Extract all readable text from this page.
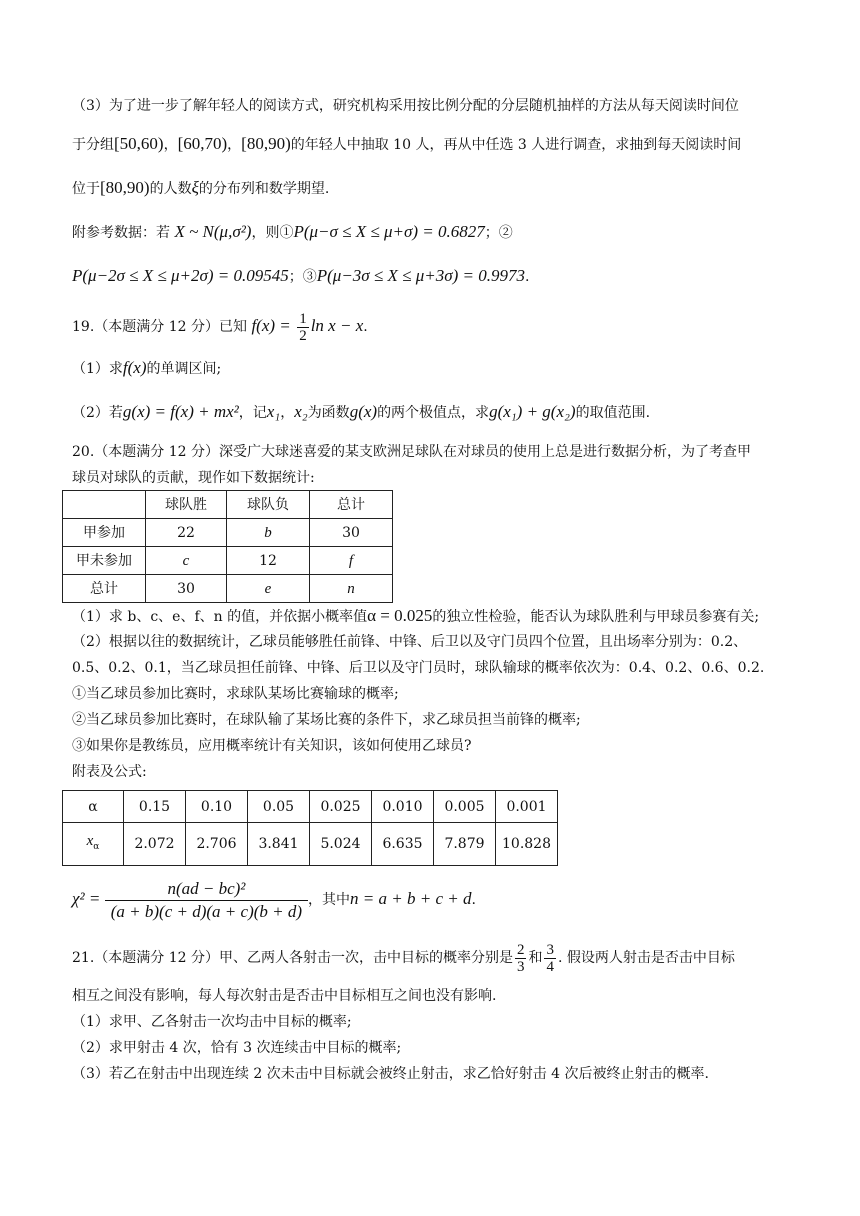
（3）为了进一步了解年轻人的阅读方式，研究机构采用按比例分配的分层随机抽样的方法从每天阅读时间位
于分组[50,60)，[60,70)，[80,90)的年轻人中抽取 10 人，再从中任选 3 人进行调查，求抽到每天阅读时间
位于[80,90)的人数ξ的分布列和数学期望.
附参考数据：若 X ~ N(μ,σ²)，则①P(μ−σ ≤ X ≤ μ+σ) = 0.6827；②
P(μ−2σ ≤ X ≤ μ+2σ) = 0.09545；③P(μ−3σ ≤ X ≤ μ+3σ) = 0.9973.
19.（本题满分 12 分）已知 $f(x) = \frac{1}{2}$ ln x − x.
（1）求f(x)的单调区间;
（2）若g(x) = f(x) + mx²，记x₁，x₂为函数g(x)的两个极值点，求g(x₁) + g(x₂)的取值范围.
20.（本题满分 12 分）深受广大球迷喜爱的某支欧洲足球队在对球员的使用上总是进行数据分析，为了考查甲
球员对球队的贡献，现作如下数据统计:
	球队胜	球队负	总计
甲参加	22	b	30
甲未参加	c	12	f
总计	30	e	n
（1）求 b、c、e、f、n 的值，并依据小概率值α = 0.025的独立性检验，能否认为球队胜利与甲球员参赛有关;
（2）根据以往的数据统计，乙球员能够胜任前锋、中锋、后卫以及守门员四个位置，且出场率分别为：0.2、
0.5、0.2、0.1，当乙球员担任前锋、中锋、后卫以及守门员时，球队输球的概率依次为：0.4、0.2、0.6、0.2.
①当乙球员参加比赛时，求球队某场比赛输球的概率;
②当乙球员参加比赛时，在球队输了某场比赛的条件下，求乙球员担当前锋的概率;
③如果你是教练员，应用概率统计有关知识，该如何使用乙球员?
附表及公式:
α	0.15	0.10	0.05	0.025	0.010	0.005	0.001
$x_\alpha$	2.072	2.706	3.841	5.024	6.635	7.879	10.828
$\chi^2 = \frac{\text{n(ad − bc)²}}{(a + b)(c + d)(a + c)(b + d)}$ ，其中n = a + b + c + d.
21.（本题满分 12 分）甲、乙两人各射击一次，击中目标的概率分别是 $\frac{2}{3}$ 和 $\frac{3}{4}$ . 假设两人射击是否击中目标
相互之间没有影响，每人每次射击是否击中目标相互之间也没有影响.
（1）求甲、乙各射击一次均击中目标的概率;
（2）求甲射击 4 次，恰有 3 次连续击中目标的概率;
（3）若乙在射击中出现连续 2 次未击中目标就会被终止射击，求乙恰好射击 4 次后被终止射击的概率.
